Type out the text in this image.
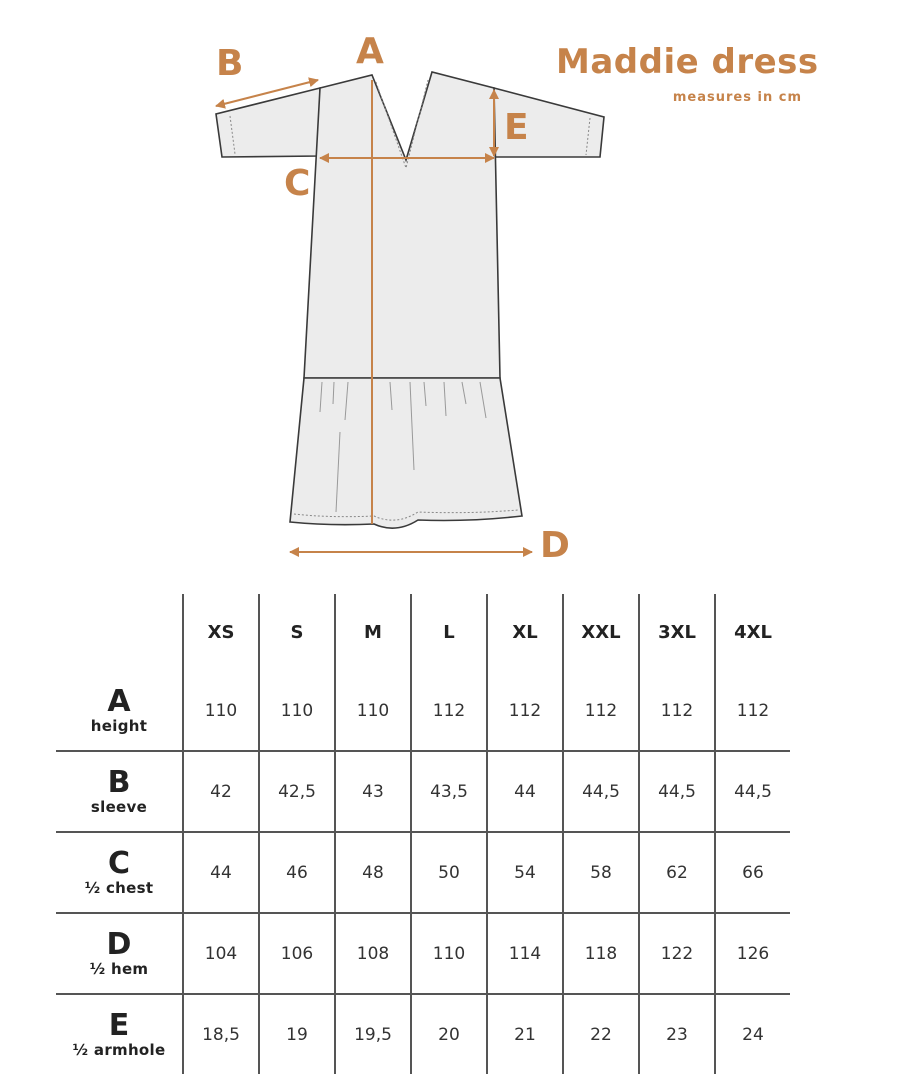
A
B
C
D
E
Maddie dress
measures in cm
	XS	S	M	L	XL	XXL	3XL	4XL

A
height	110	110	110	112	112	112	112	112

B
sleeve	42	42,5	43	43,5	44	44,5	44,5	44,5

C
½ chest	44	46	48	50	54	58	62	66

D
½ hem	104	106	108	110	114	118	122	126

E
½ armhole	18,5	19	19,5	20	21	22	23	24
